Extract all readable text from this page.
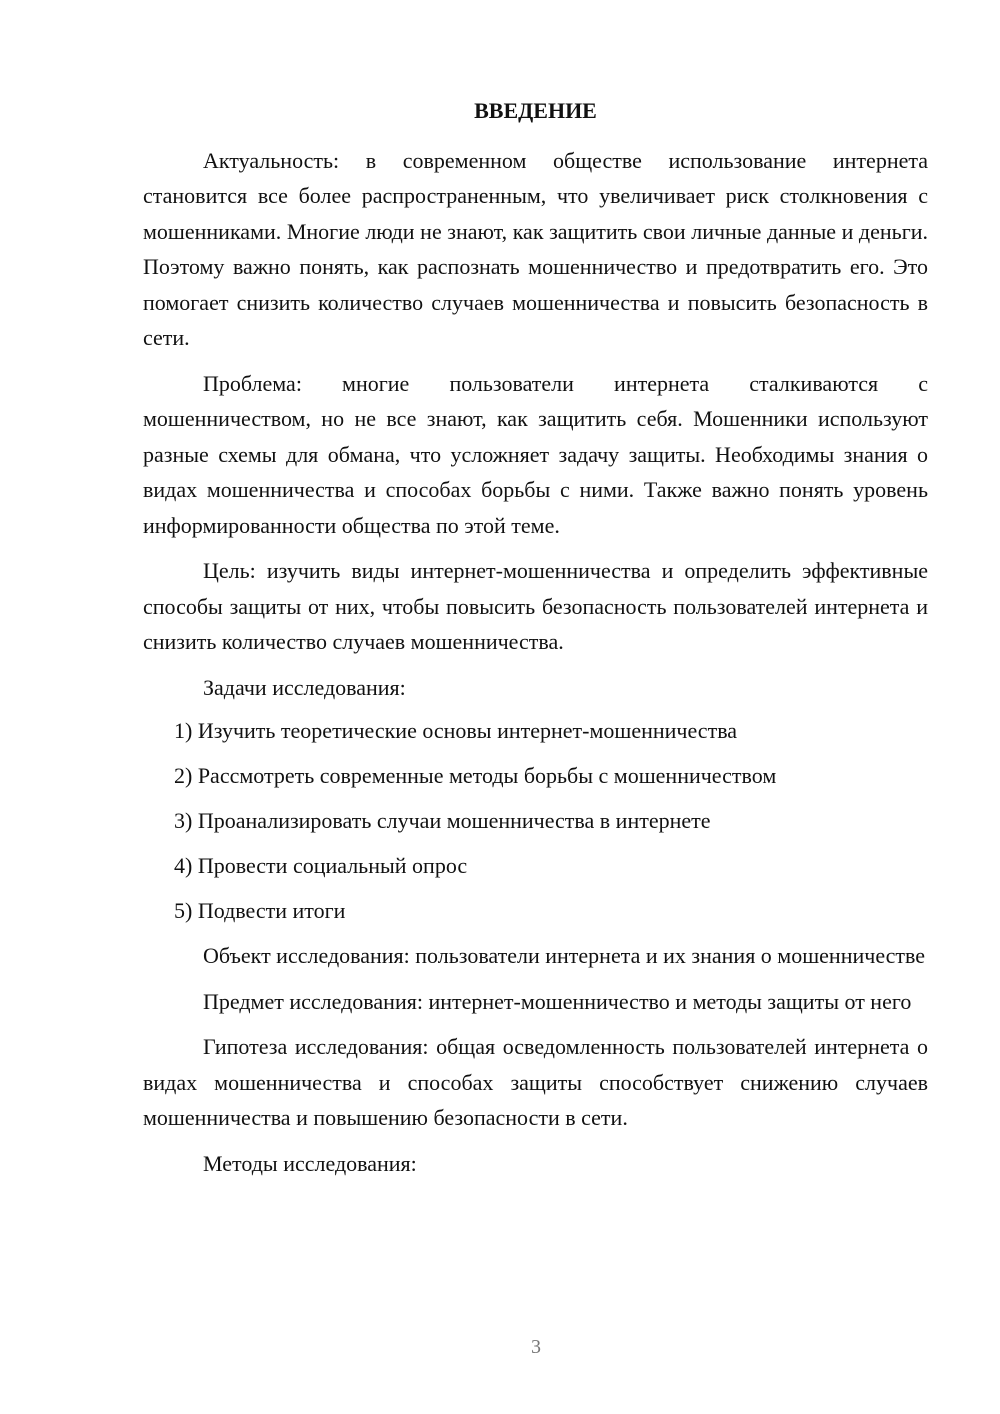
ВВЕДЕНИЕ

Актуальность: в современном обществе использование интернета становится все более распространенным, что увеличивает риск столкновения с мошенниками. Многие люди не знают, как защитить свои личные данные и деньги. Поэтому важно понять, как распознать мошенничество и предотвратить его. Это помогает снизить количество случаев мошенничества и повысить безопасность в сети.

Проблема: многие пользователи интернета сталкиваются с мошенничеством, но не все знают, как защитить себя. Мошенники используют разные схемы для обмана, что усложняет задачу защиты. Необходимы знания о видах мошенничества и способах борьбы с ними. Также важно понять уровень информированности общества по этой теме.

Цель: изучить виды интернет-мошенничества и определить эффективные способы защиты от них, чтобы повысить безопасность пользователей интернета и снизить количество случаев мошенничества.

Задачи исследования:

1) Изучить теоретические основы интернет-мошенничества
2) Рассмотреть современные методы борьбы с мошенничеством
3) Проанализировать случаи мошенничества в интернете
4) Провести социальный опрос
5) Подвести итоги

Объект исследования: пользователи интернета и их знания о мошенничестве

Предмет исследования: интернет-мошенничество и методы защиты от него

Гипотеза исследования: общая осведомленность пользователей интернета о видах мошенничества и способах защиты способствует снижению случаев мошенничества и повышению безопасности в сети.

Методы исследования:

3
